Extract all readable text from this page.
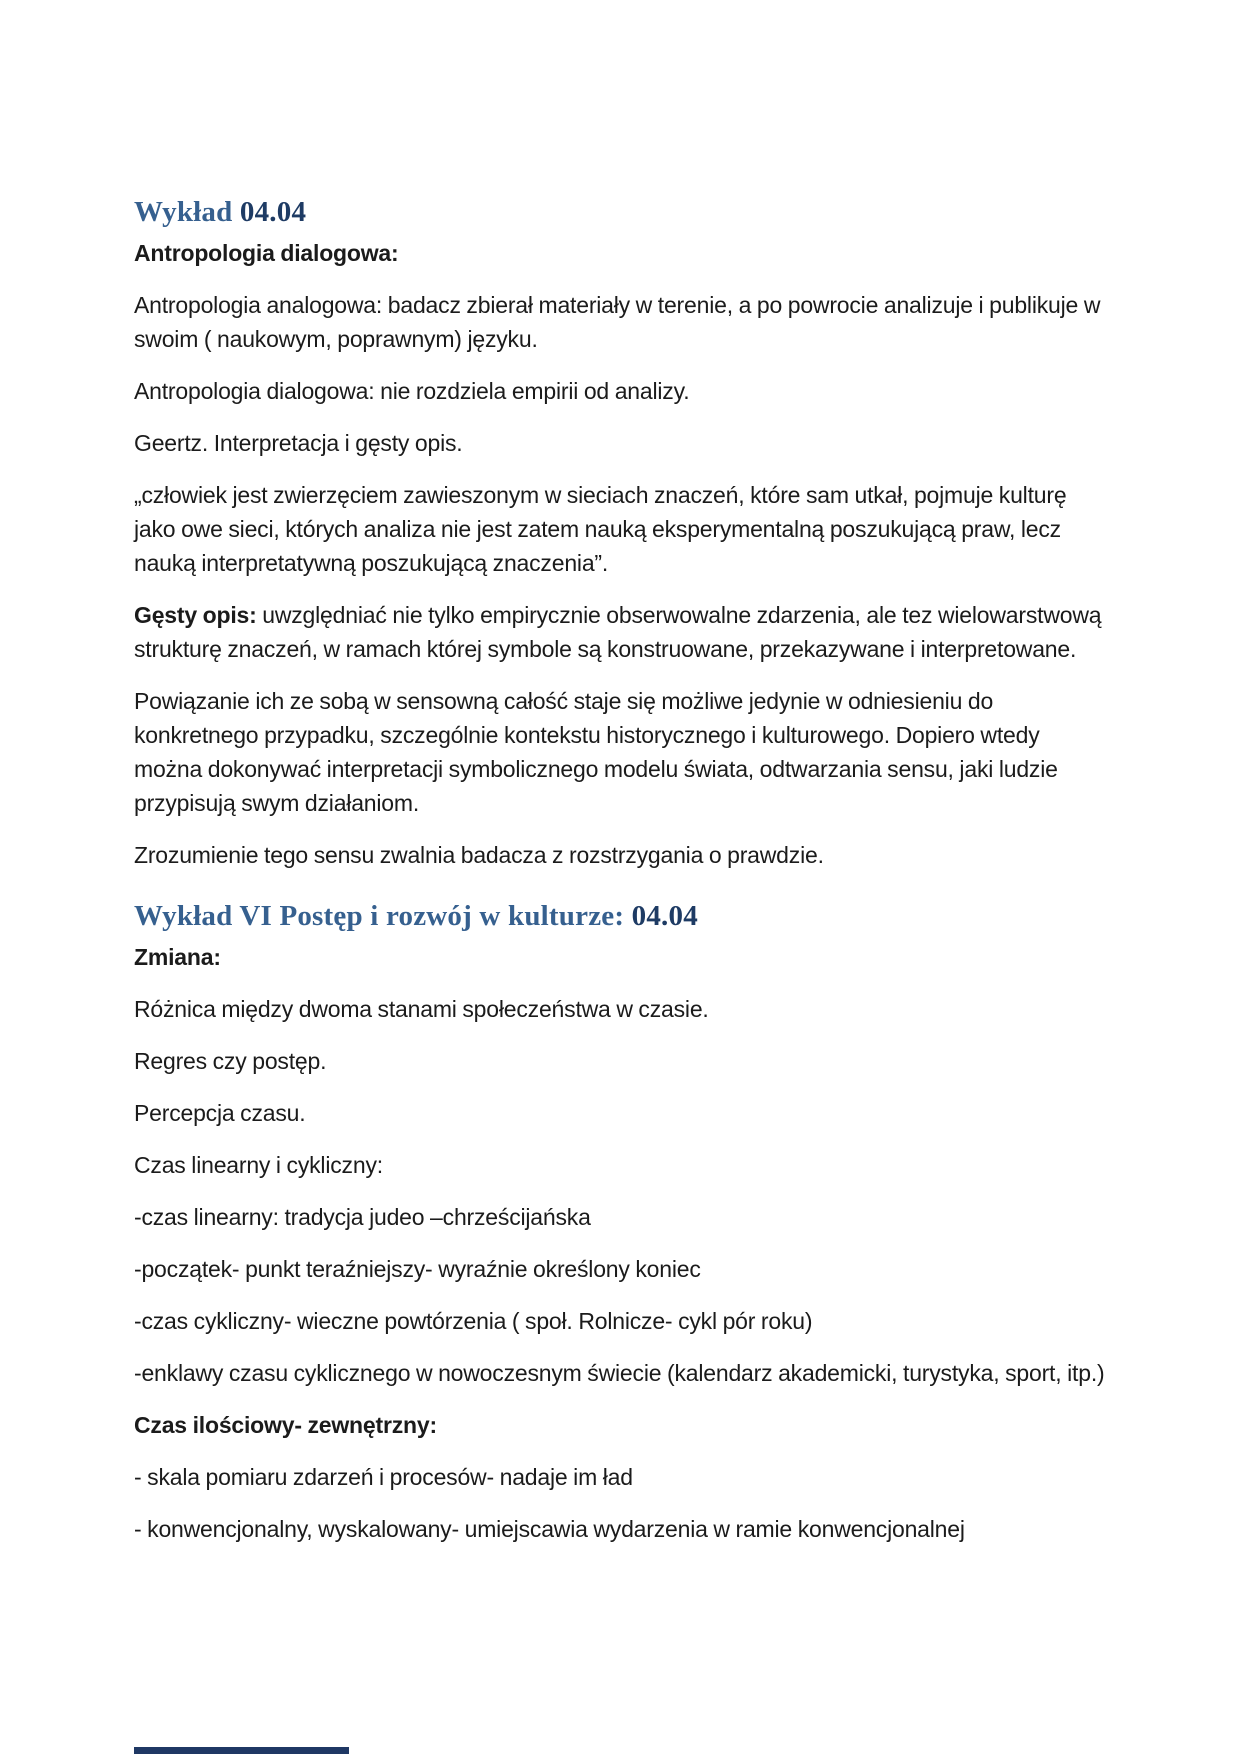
Wykład 04.04

Antropologia dialogowa:

Antropologia analogowa: badacz zbierał materiały w terenie, a po powrocie analizuje i publikuje w swoim ( naukowym, poprawnym) języku.

Antropologia dialogowa: nie rozdziela empirii od analizy.

Geertz. Interpretacja i gęsty opis.

„człowiek jest zwierzęciem zawieszonym w sieciach znaczeń, które sam utkał, pojmuje kulturę jako owe sieci, których analiza nie jest zatem nauką eksperymentalną poszukującą praw, lecz nauką interpretatywną poszukującą znaczenia”.

Gęsty opis: uwzględniać nie tylko empirycznie obserwowalne zdarzenia, ale tez wielowarstwową strukturę znaczeń, w ramach której symbole są konstruowane, przekazywane i interpretowane.

Powiązanie ich ze sobą w sensowną całość staje się możliwe jedynie w odniesieniu do konkretnego przypadku, szczególnie kontekstu historycznego i kulturowego. Dopiero wtedy można dokonywać interpretacji symbolicznego modelu świata, odtwarzania sensu, jaki ludzie przypisują swym działaniom.

Zrozumienie tego sensu zwalnia badacza z rozstrzygania o prawdzie.

Wykład VI Postęp i rozwój w kulturze: 04.04

Zmiana:

Różnica między dwoma stanami społeczeństwa w czasie.

Regres czy postęp.

Percepcja czasu.

Czas linearny i cykliczny:

-czas linearny: tradycja judeo –chrześcijańska

-początek- punkt teraźniejszy- wyraźnie określony koniec

-czas cykliczny- wieczne powtórzenia ( społ. Rolnicze- cykl pór roku)

-enklawy czasu cyklicznego w nowoczesnym świecie (kalendarz akademicki, turystyka, sport, itp.)

Czas ilościowy- zewnętrzny:

- skala pomiaru zdarzeń i procesów- nadaje im ład

- konwencjonalny, wyskalowany- umiejscawia wydarzenia w ramie konwencjonalnej
